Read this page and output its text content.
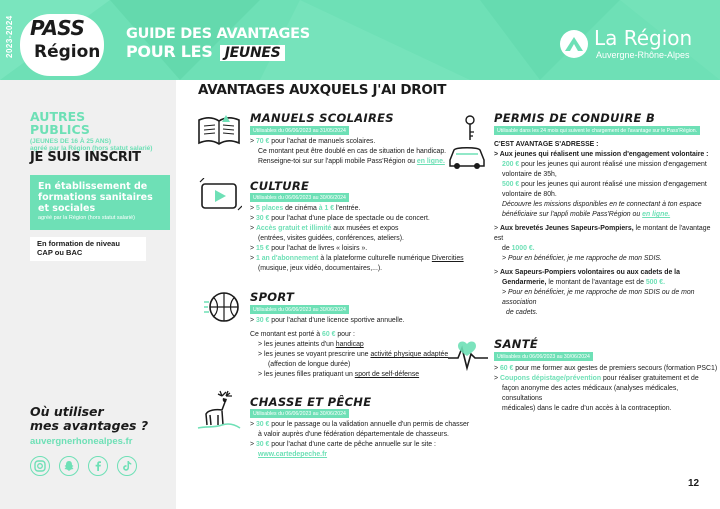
PASS
Région
2023-2024	GUIDE DES AVANTAGES
POUR LES JEUNES
La Région
Auvergne-Rhône-Alpes
AUTRES
PUBLICS
(JEUNES DE 16 À 25 ANS)
agréé par la Région (hors statut salarié)
JE SUIS INSCRIT
En établissement de
formations sanitaires
et sociales
agréé par la Région (hors statut salarié)
En formation de niveau
CAP ou BAC
Où utiliser
mes avantages ?
auvergnerhonealpes.fr
AVANTAGES AUXQUELS J'AI DROIT
MANUELS SCOLAIRES
Utilisables du 06/06/2023 au 31/05/2024
> 70 € pour l'achat de manuels scolaires.
Ce montant peut être doublé en cas de situation de handicap.
Renseigne-toi sur sur l'appli mobile Pass'Région ou en ligne.
CULTURE
Utilisables du 06/06/2023 au 30/06/2024
> 5 places de cinéma à 1 € l'entrée.
> 30 € pour l'achat d'une place de spectacle ou de concert.
> Accès gratuit et illimité aux musées et expos
(entrées, visites guidées, conférences, ateliers).
> 15 € pour l'achat de livres « loisirs ».
> 1 an d'abonnement à la plateforme culturelle numérique Divercities
(musique, jeux vidéo, documentaires,...).
SPORT
Utilisables du 06/06/2023 au 30/06/2024
> 30 € pour l'achat d'une licence sportive annuelle.
Ce montant est porté à 60 € pour :
> les jeunes atteints d'un handicap
> les jeunes se voyant prescrire une activité physique adaptée
(affection de longue durée)
> les jeunes filles pratiquant un sport de self-défense
CHASSE ET PÊCHE
Utilisables du 06/06/2023 au 30/06/2024
> 30 € pour le passage ou la validation annuelle d'un permis de chasser
à valoir auprès d'une fédération départementale de chasseurs.
> 30 € pour l'achat d'une carte de pêche annuelle sur le site :
www.cartedepeche.fr
PERMIS DE CONDUIRE B
Utilisable dans les 24 mois qui suivent le chargement de l'avantage sur le Pass'Région.
C'EST AVANTAGE S'ADRESSE :
> Aux jeunes qui réalisent une mission d'engagement volontaire :
200 € pour les jeunes qui auront réalisé une mission d'engagement
volontaire de 35h,
500 € pour les jeunes qui auront réalisé une mission d'engagement
volontaire de 80h.
Découvre les missions disponibles en te connectant à ton espace
bénéficiaire sur l'appli mobile Pass'Région ou en ligne.
> Aux brevetés Jeunes Sapeurs-Pompiers, le montant de l'avantage est
de 1000 €.
> Pour en bénéficier, je me rapproche de mon SDIS.
> Aux Sapeurs-Pompiers volontaires ou aux cadets de la
Gendarmerie, le montant de l'avantage est de 500 €.
> Pour en bénéficier, je me rapproche de mon SDIS ou de mon association
de cadets.
SANTÉ
Utilisables du 06/06/2023 au 30/06/2024
> 60 € pour me former aux gestes de premiers secours (formation PSC1)
> Coupons dépistage/prévention pour réaliser gratuitement et de
façon anonyme des actes médicaux (analyses médicales, consultations
médicales) dans le cadre d'un accès à la contraception.
12
